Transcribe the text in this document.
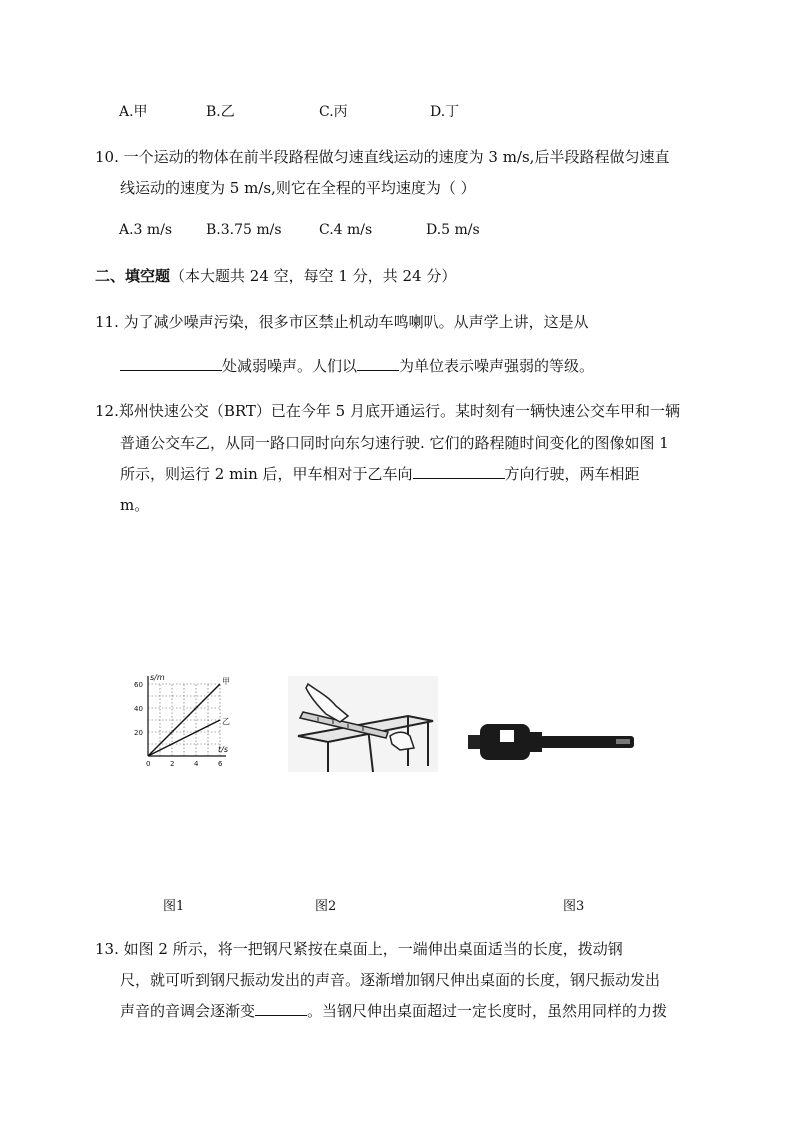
A.甲	B.乙	C.丙	D.丁
10. 一个运动的物体在前半段路程做匀速直线运动的速度为 3 m/s,后半段路程做匀速直
线运动的速度为 5 m/s,则它在全程的平均速度为（ ）
A.3 m/s B.3.75 m/s	C.4 m/s	D.5 m/s
二、填空题（本大题共 24 空，每空 1 分，共 24 分）
11. 为了减少噪声污染，很多市区禁止机动车鸣喇叭。从声学上讲，这是从
处减弱噪声。人们以	为单位表示噪声强弱的等级。
12.郑州快速公交（BRT）已在今年 5 月底开通运行。某时刻有一辆快速公交车甲和一辆
普通公交车乙，从同一路口同时向东匀速行驶. 它们的路程随时间变化的图像如图 1
所示，则运行 2 min 后，甲车相对于乙车向	方向行驶，两车相距
m。
甲
乙
0	2	4	6
20
40
60
s/m
t/s
图1	图2	图3
13. 如图 2 所示，将一把钢尺紧按在桌面上，一端伸出桌面适当的长度，拨动钢
尺，就可听到钢尺振动发出的声音。逐渐增加钢尺伸出桌面的长度，钢尺振动发出
声音的音调会逐渐变	。当钢尺伸出桌面超过一定长度时，虽然用同样的力拨
